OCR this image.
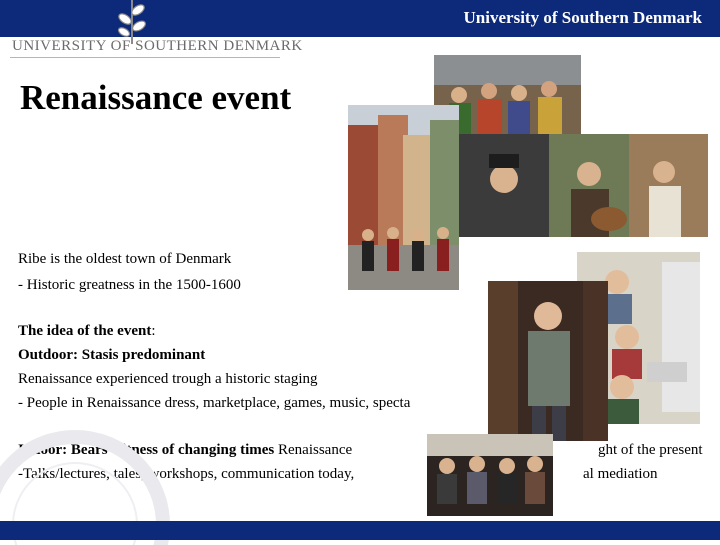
University of Southern Denmark
UNIVERSITY OF SOUTHERN DENMARK
Renaissance event
Ribe is the oldest town of Denmark
- Historic greatness in the 1500-1600
The idea of the event:
Outdoor: Stasis predominant
Renaissance experienced trough a historic staging
- People in Renaissance dress, marketplace, games, music, specta
Indoor: Bears witness of changing times Renaissance	ght of the present
-Talks/lectures, tales, workshops, communication today,	al mediation
